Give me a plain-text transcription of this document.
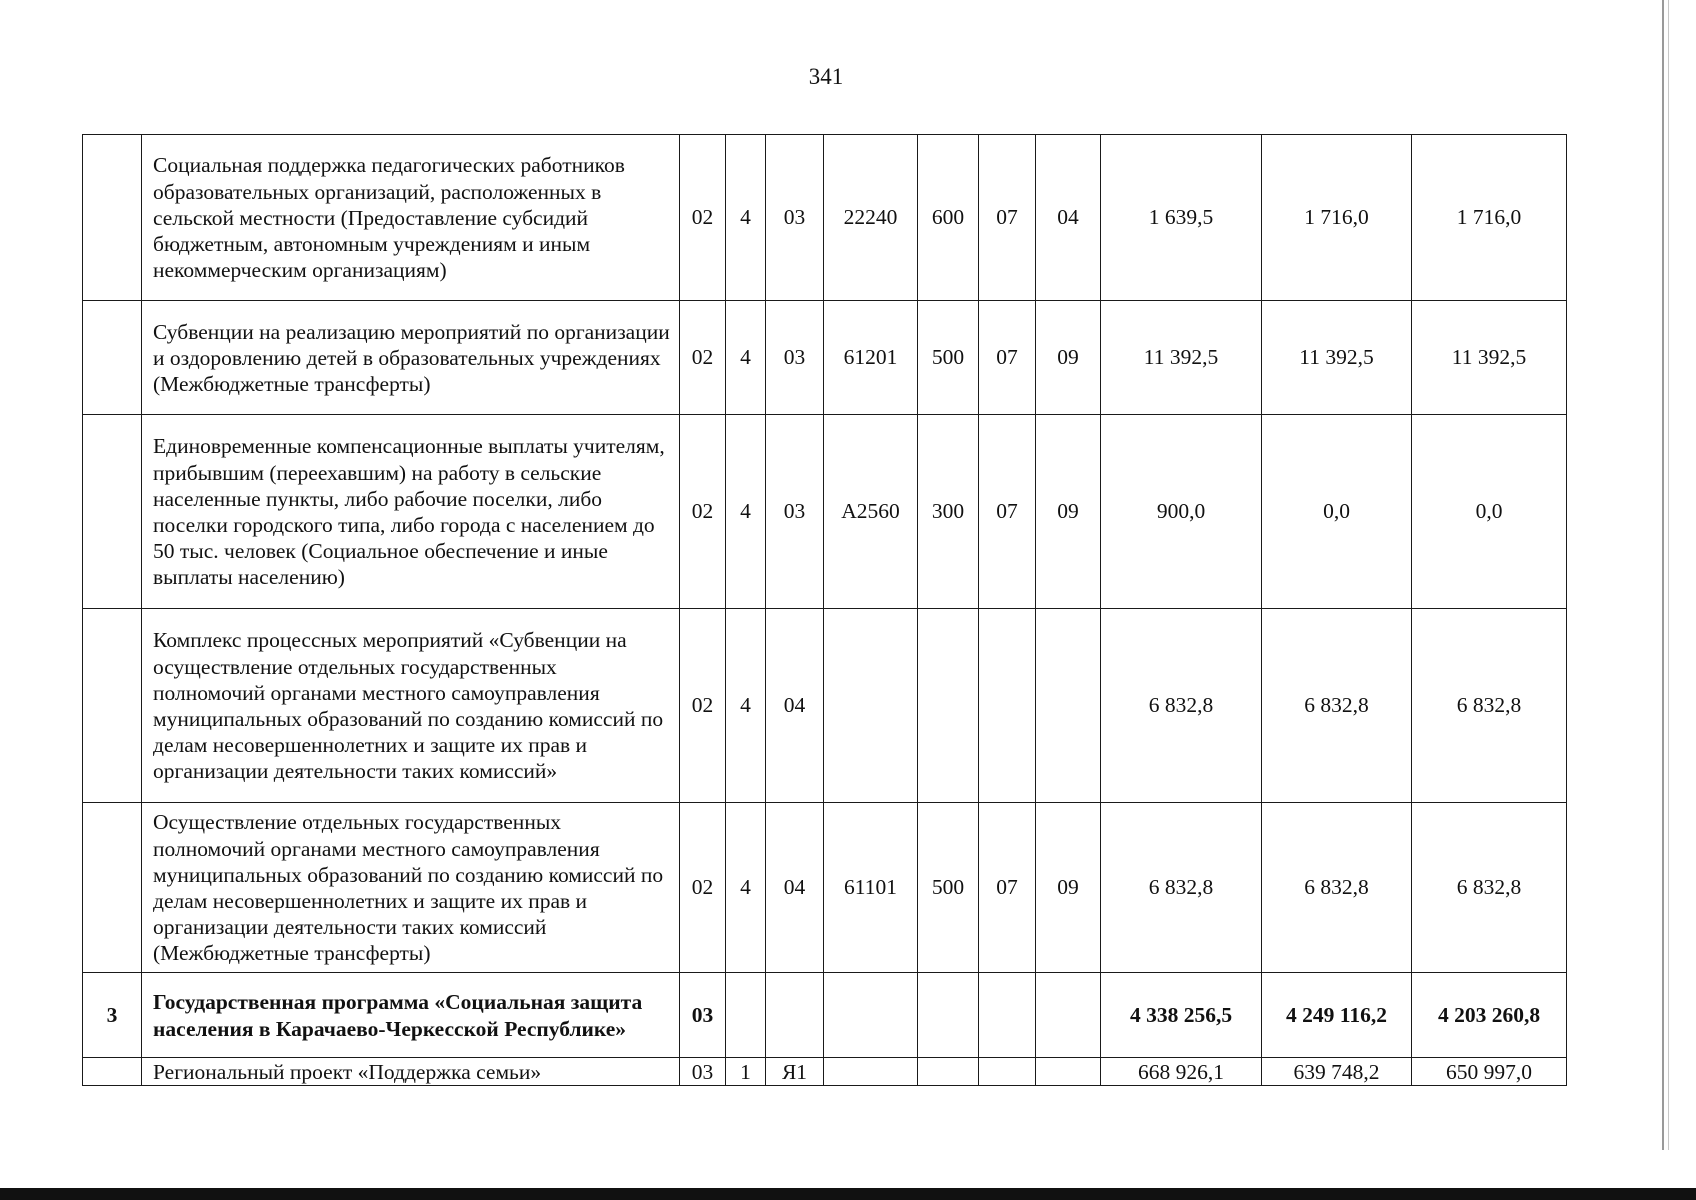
341
	Социальная поддержка педагогических работников образовательных организаций, расположенных в сельской местности (Предоставление субсидий бюджетным, автономным учреждениям и иным некоммерческим организациям)	02	4	03	22240	600	07	04	1 639,5	1 716,0	1 716,0
	Субвенции на реализацию мероприятий по организации и оздоровлению детей в образовательных учреждениях (Межбюджетные трансферты)	02	4	03	61201	500	07	09	11 392,5	11 392,5	11 392,5
	Единовременные компенсационные выплаты учителям, прибывшим (переехавшим) на работу в сельские населенные пункты, либо рабочие поселки, либо поселки городского типа, либо города с населением до 50 тыс. человек (Социальное обеспечение и иные выплаты населению)	02	4	03	А2560	300	07	09	900,0	0,0	0,0
	Комплекс процессных мероприятий «Субвенции на осуществление отдельных государственных полномочий органами местного самоуправления муниципальных образований по созданию комиссий по делам несовершеннолетних и защите их прав и организации деятельности таких комиссий»	02	4	04					6 832,8	6 832,8	6 832,8
	Осуществление отдельных государственных полномочий органами местного самоуправления муниципальных образований по созданию комиссий по делам несовершеннолетних и защите их прав и организации деятельности таких комиссий (Межбюджетные трансферты)	02	4	04	61101	500	07	09	6 832,8	6 832,8	6 832,8
3	Государственная программа «Социальная защита населения в Карачаево-Черкесской Республике»	03							4 338 256,5	4 249 116,2	4 203 260,8
	Региональный проект «Поддержка семьи»	03	1	Я1					668 926,1	639 748,2	650 997,0
